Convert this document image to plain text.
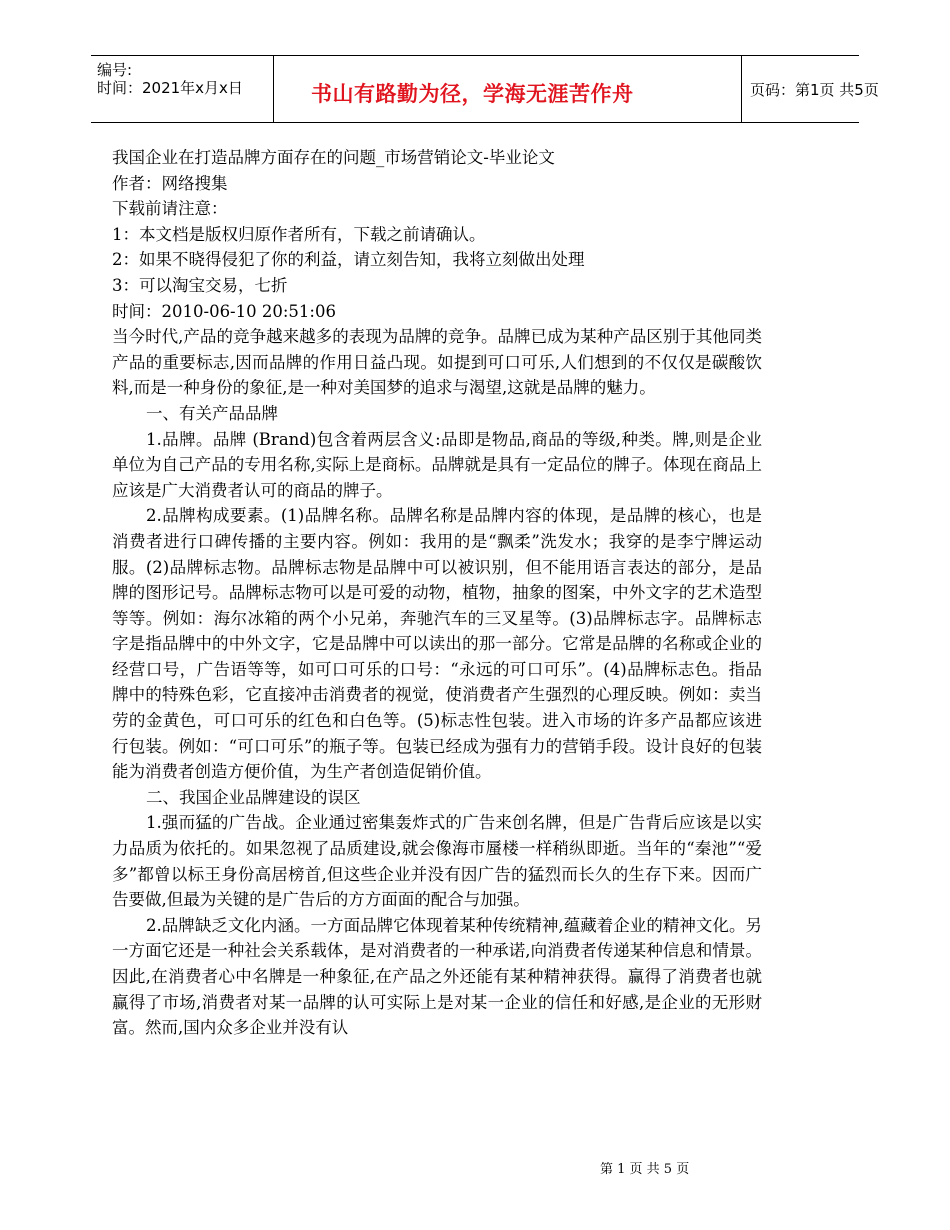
编号:
时间：2021年x月x日	书山有路勤为径，学海无涯苦作舟	页码：第1页 共5页
我国企业在打造品牌方面存在的问题_市场营销论文-毕业论文
作者：网络搜集
下载前请注意：
1：本文档是版权归原作者所有，下载之前请确认。
2：如果不晓得侵犯了你的利益，请立刻告知，我将立刻做出处理
3：可以淘宝交易，七折
时间：2010-06-10 20:51:06
当今时代,产品的竞争越来越多的表现为品牌的竞争。品牌已成为某种产品区别于其他同类产品的重要标志,因而品牌的作用日益凸现。如提到可口可乐,人们想到的不仅仅是碳酸饮料,而是一种身份的象征,是一种对美国梦的追求与渴望,这就是品牌的魅力。
一、有关产品品牌
1.品牌。品牌 (Brand)包含着两层含义:品即是物品,商品的等级,种类。牌,则是企业单位为自己产品的专用名称,实际上是商标。品牌就是具有一定品位的牌子。体现在商品上应该是广大消费者认可的商品的牌子。
2.品牌构成要素。(1)品牌名称。品牌名称是品牌内容的体现，是品牌的核心，也是消费者进行口碑传播的主要内容。例如：我用的是“飘柔”洗发水；我穿的是李宁牌运动服。(2)品牌标志物。品牌标志物是品牌中可以被识别，但不能用语言表达的部分，是品牌的图形记号。品牌标志物可以是可爱的动物，植物，抽象的图案，中外文字的艺术造型等等。例如：海尔冰箱的两个小兄弟，奔驰汽车的三叉星等。(3)品牌标志字。品牌标志字是指品牌中的中外文字，它是品牌中可以读出的那一部分。它常是品牌的名称或企业的经营口号，广告语等等，如可口可乐的口号：“永远的可口可乐”。(4)品牌标志色。指品牌中的特殊色彩，它直接冲击消费者的视觉，使消费者产生强烈的心理反映。例如：卖当劳的金黄色，可口可乐的红色和白色等。(5)标志性包装。进入市场的许多产品都应该进行包装。例如：“可口可乐”的瓶子等。包装已经成为强有力的营销手段。设计良好的包装能为消费者创造方便价值，为生产者创造促销价值。
二、我国企业品牌建设的误区
1.强而猛的广告战。企业通过密集轰炸式的广告来创名牌，但是广告背后应该是以实力品质为依托的。如果忽视了品质建设,就会像海市蜃楼一样稍纵即逝。当年的“秦池”“爱多”都曾以标王身份高居榜首,但这些企业并没有因广告的猛烈而长久的生存下来。因而广告要做,但最为关键的是广告后的方方面面的配合与加强。
2.品牌缺乏文化内涵。一方面品牌它体现着某种传统精神,蕴藏着企业的精神文化。另一方面它还是一种社会关系载体，是对消费者的一种承诺,向消费者传递某种信息和情景。因此,在消费者心中名牌是一种象征,在产品之外还能有某种精神获得。赢得了消费者也就赢得了市场,消费者对某一品牌的认可实际上是对某一企业的信任和好感,是企业的无形财富。然而,国内众多企业并没有认
第 1 页 共 5 页
